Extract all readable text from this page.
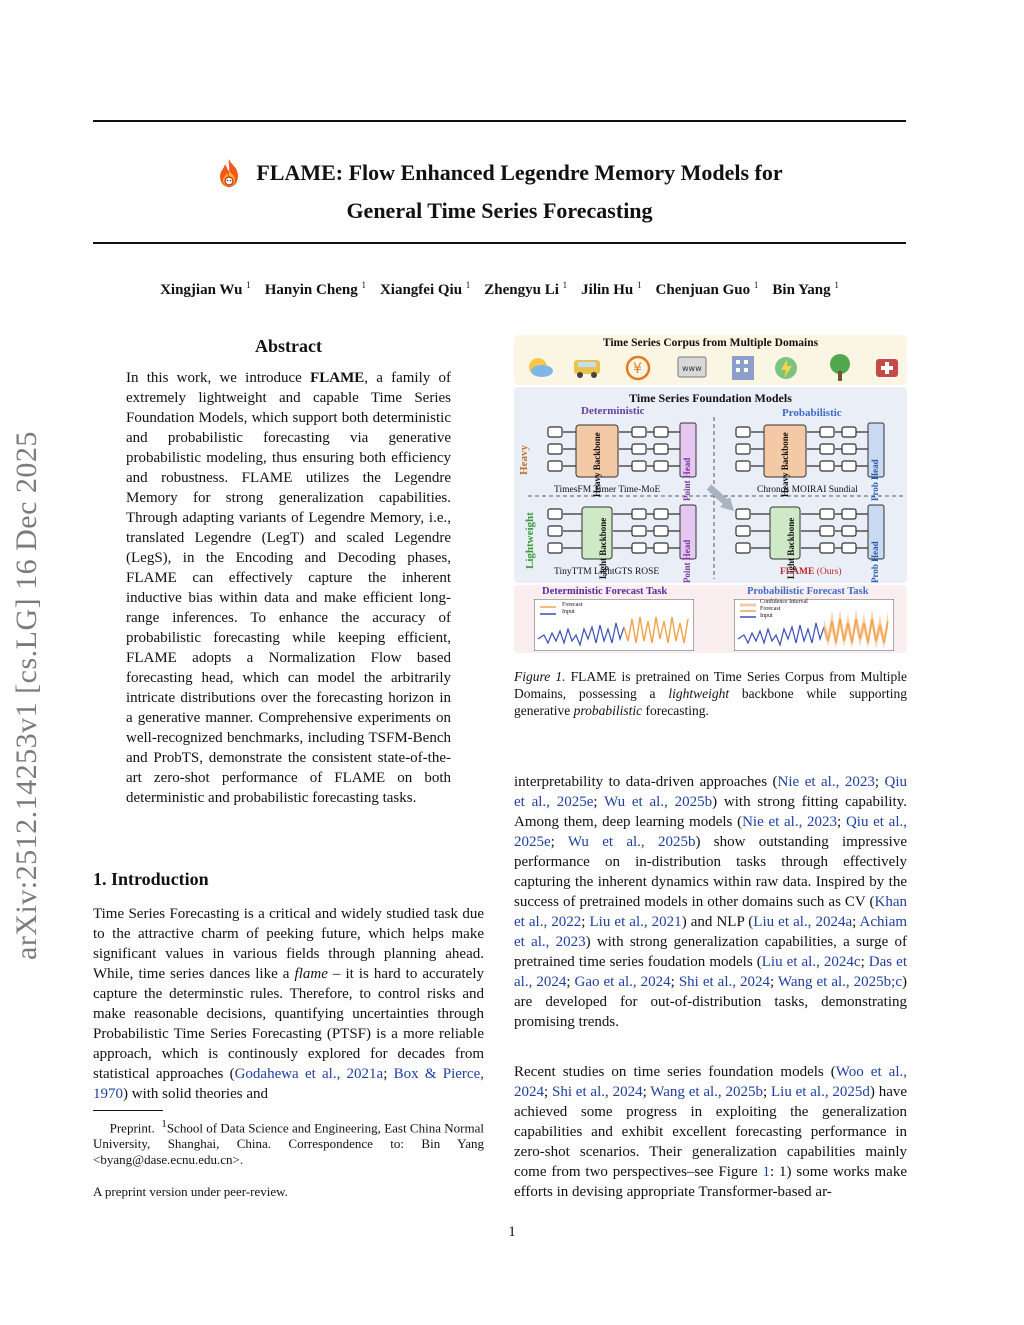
arXiv:2512.14253v1 [cs.LG] 16 Dec 2025
FLAME: Flow Enhanced Legendre Memory Models for

General Time Series Forecasting
Xingjian Wu $^1$ Hanyin Cheng $^1$ Xiangfei Qiu $^1$ Zhengyu Li $^1$ Jilin Hu $^1$ Chenjuan Guo $^1$ Bin Yang $^1$
Abstract
In this work, we introduce FLAME, a family of extremely lightweight and capable Time Series Foundation Models, which support both deterministic and probabilistic forecasting via generative probabilistic modeling, thus ensuring both efficiency and robustness. FLAME utilizes the Legendre Memory for strong generalization capabilities. Through adapting variants of Legendre Memory, i.e., translated Legendre (LegT) and scaled Legendre (LegS), in the Encoding and Decoding phases, FLAME can effectively capture the inherent inductive bias within data and make efficient long-range inferences. To enhance the accuracy of probabilistic forecasting while keeping efficient, FLAME adopts a Normalization Flow based forecasting head, which can model the arbitrarily intricate distributions over the forecasting horizon in a generative manner. Comprehensive experiments on well-recognized benchmarks, including TSFM-Bench and ProbTS, demonstrate the consistent state-of-the-art zero-shot performance of FLAME on both deterministic and probabilistic forecasting tasks.
1. Introduction
Time Series Forecasting is a critical and widely studied task due to the attractive charm of peeking future, which helps make significant values in various fields through planning ahead. While, time series dances like a flame – it is hard to accurately capture the determinstic rules. Therefore, to control risks and make reasonable decisions, quantifying uncertainties through Probabilistic Time Series Forecasting (PTSF) is a more reliable approach, which is continously explored for decades from statistical approaches (Godahewa et al., 2021a; Box & Pierce, 1970) with solid theories and
Preprint. $^1$School of Data Science and Engineering, East China Normal University, Shanghai, China. Correspondence to: Bin Yang <byang@dase.ecnu.edu.cn>.
A preprint version under peer-review.
Time Series Corpus from Multiple Domains
¥	www
Time Series Foundation Models
Deterministic	Probabilistic
Heavy
Lightweight
Heavy Backbone	Point Head	Heavy Backbone	Prob Head
Light Backbone	Point Head	Light Backbone	Prob Head
TimesFM Timer Time-MoE	Chronos MOIRAI Sundial
TinyTTM LightGTS ROSE	FLAME (Ours)
Deterministic Forecast Task	Probabilistic Forecast Task
Forecast
Input
Confidence Interval
Forecast
Input
Figure 1. FLAME is pretrained on Time Series Corpus from Multiple Domains, possessing a lightweight backbone while supporting generative probabilistic forecasting.
interpretability to data-driven approaches (Nie et al., 2023; Qiu et al., 2025e; Wu et al., 2025b) with strong fitting capability. Among them, deep learning models (Nie et al., 2023; Qiu et al., 2025e; Wu et al., 2025b) show outstanding impressive performance on in-distribution tasks through effectively capturing the inherent dynamics within raw data. Inspired by the success of pretrained models in other domains such as CV (Khan et al., 2022; Liu et al., 2021) and NLP (Liu et al., 2024a; Achiam et al., 2023) with strong generalization capabilities, a surge of pretrained time series foudation models (Liu et al., 2024c; Das et al., 2024; Gao et al., 2024; Shi et al., 2024; Wang et al., 2025b;c) are developed for out-of-distribution tasks, demonstrating promising trends.
Recent studies on time series foundation models (Woo et al., 2024; Shi et al., 2024; Wang et al., 2025b; Liu et al., 2025d) have achieved some progress in exploiting the generalization capabilities and exhibit excellent forecasting performance in zero-shot scenarios. Their generalization capabilities mainly come from two perspectives–see Figure 1: 1) some works make efforts in devising appropriate Transformer-based ar-
1
